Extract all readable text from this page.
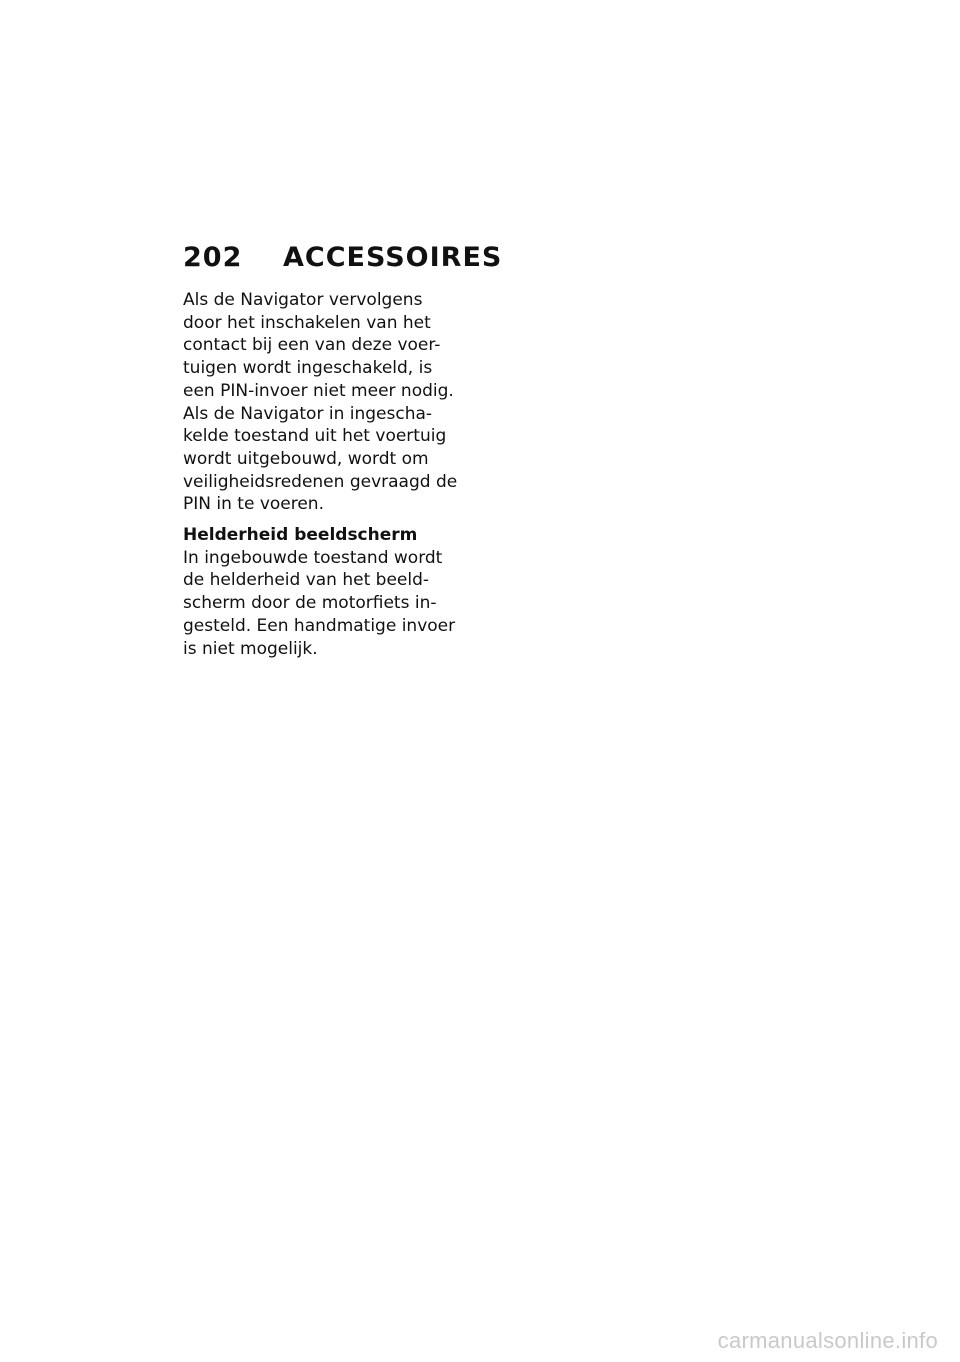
202	ACCESSOIRES

Als de Navigator vervolgens
door het inschakelen van het
contact bij een van deze voer-
tuigen wordt ingeschakeld, is
een PIN-invoer niet meer nodig.
Als de Navigator in ingescha-
kelde toestand uit het voertuig
wordt uitgebouwd, wordt om
veiligheidsredenen gevraagd de
PIN in te voeren.

Helderheid beeldscherm

In ingebouwde toestand wordt
de helderheid van het beeld-
scherm door de motorfiets in-
gesteld. Een handmatige invoer
is niet mogelijk.

carmanualsonline.info
